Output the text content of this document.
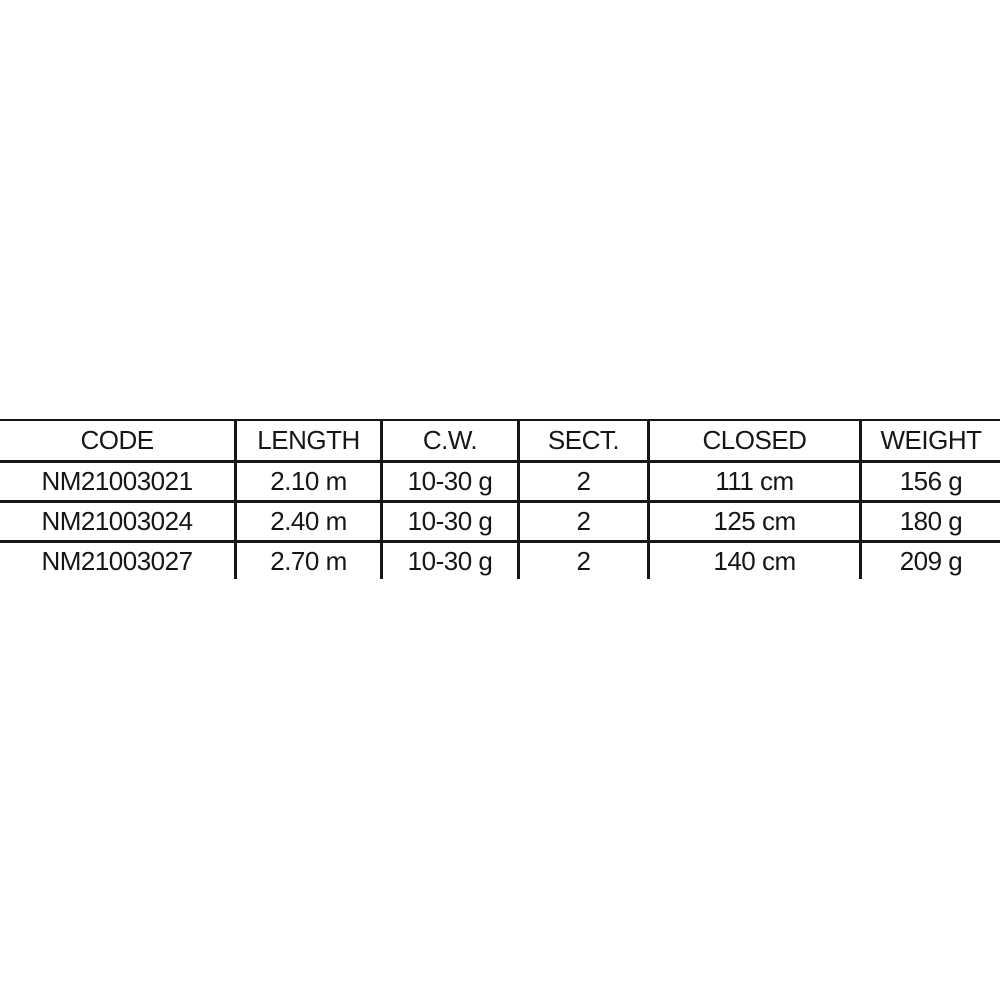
CODE	LENGTH	C.W.	SECT.	CLOSED	WEIGHT
NM21003021	2.10 m	10-30 g	2	111 cm	156 g
NM21003024	2.40 m	10-30 g	2	125 cm	180 g
NM21003027	2.70 m	10-30 g	2	140 cm	209 g
